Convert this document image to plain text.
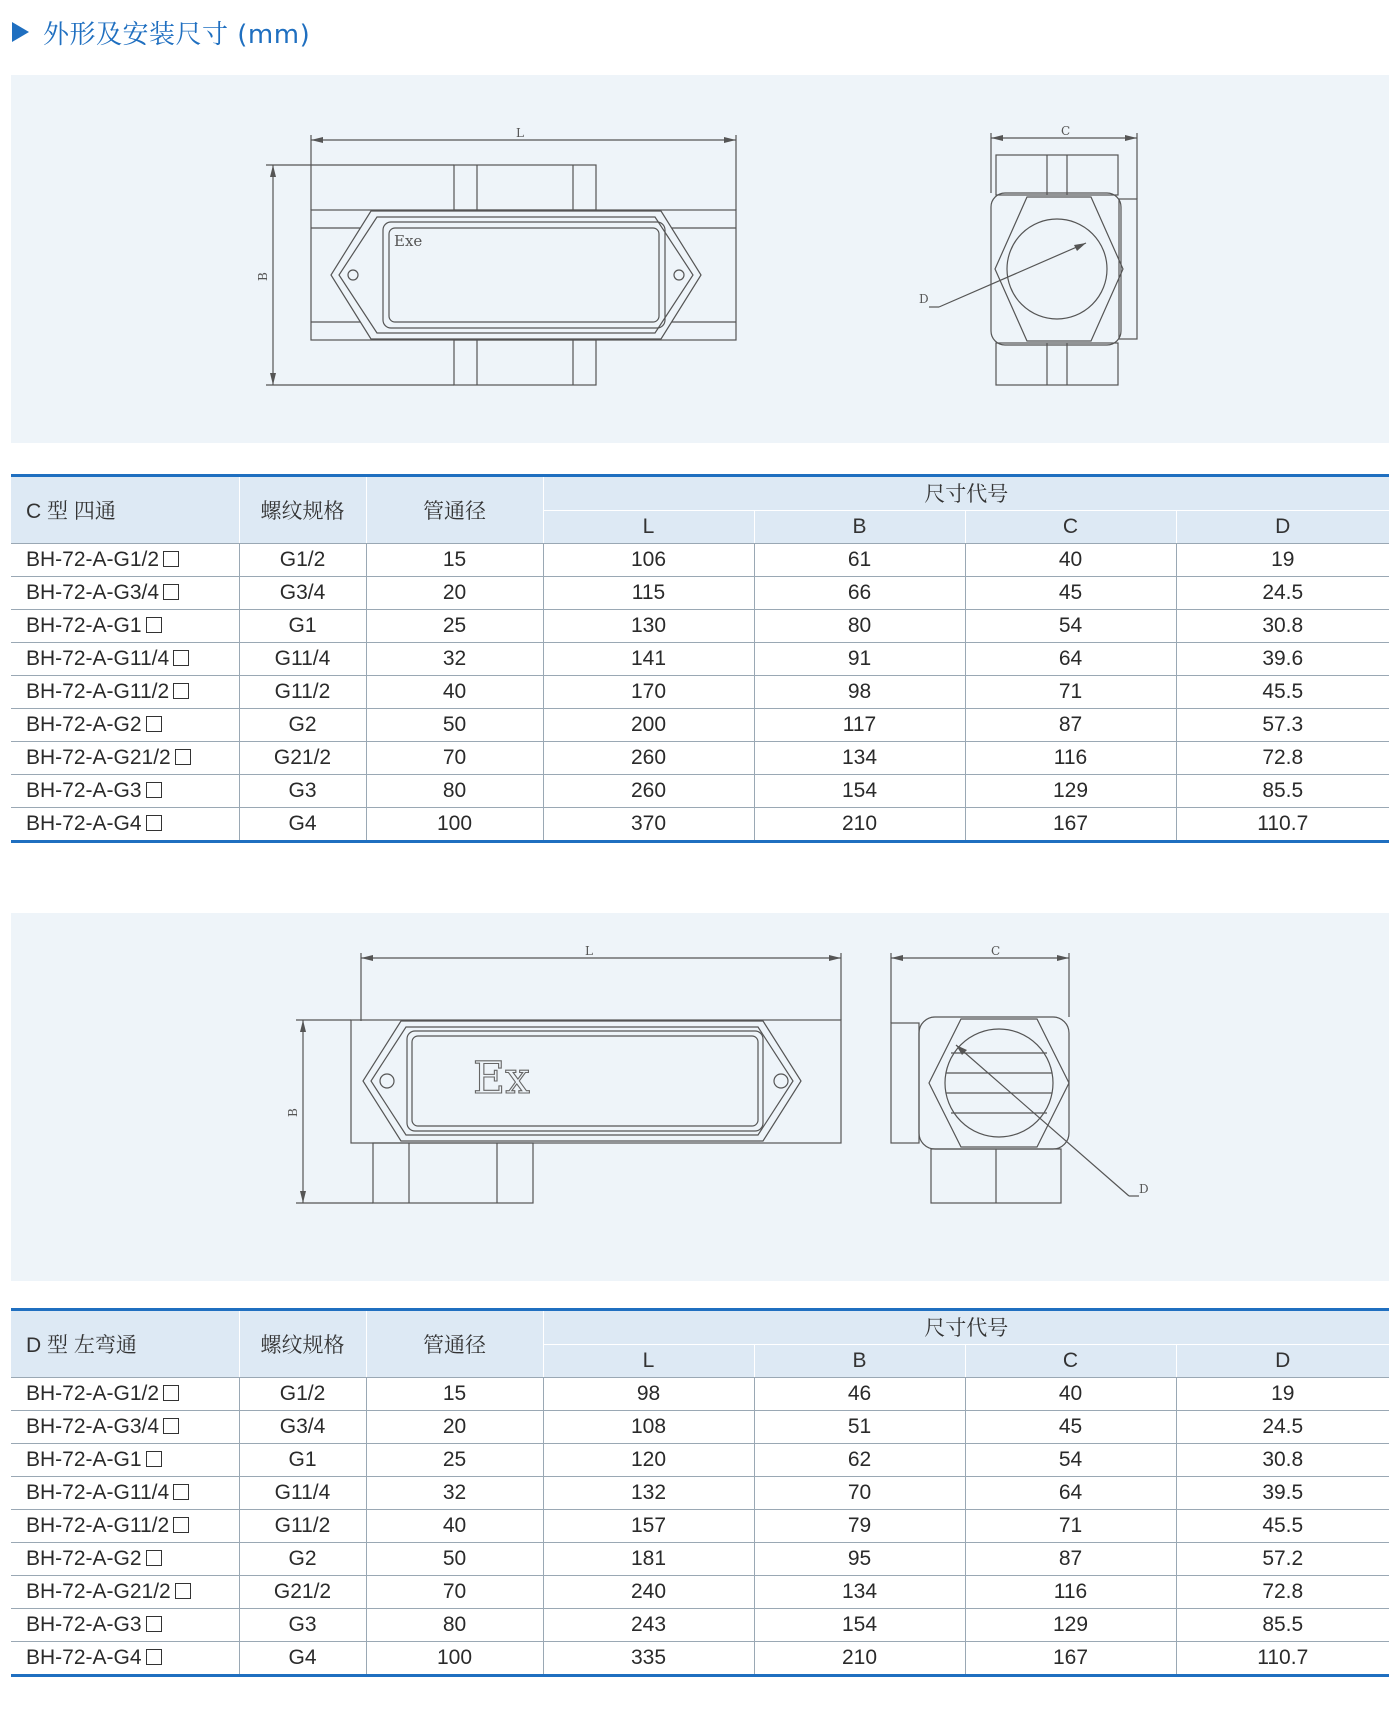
外形及安装尺寸 (mm)
Exe
L
B
D
C
C 型 四通	螺纹规格	管通径	尺寸代号			
			L	B	C	D
BH-72-A-G1/2	G1/2	15	106	61	40	19
BH-72-A-G3/4	G3/4	20	115	66	45	24.5
BH-72-A-G1	G1	25	130	80	54	30.8
BH-72-A-G11/4	G11/4	32	141	91	64	39.6
BH-72-A-G11/2	G11/2	40	170	98	71	45.5
BH-72-A-G2	G2	50	200	117	87	57.3
BH-72-A-G21/2	G21/2	70	260	134	116	72.8
BH-72-A-G3	G3	80	260	154	129	85.5
BH-72-A-G4	G4	100	370	210	167	110.7
Ex
L
B
D
C
D 型 左弯通	螺纹规格	管通径	尺寸代号			
			L	B	C	D
BH-72-A-G1/2	G1/2	15	98	46	40	19
BH-72-A-G3/4	G3/4	20	108	51	45	24.5
BH-72-A-G1	G1	25	120	62	54	30.8
BH-72-A-G11/4	G11/4	32	132	70	64	39.5
BH-72-A-G11/2	G11/2	40	157	79	71	45.5
BH-72-A-G2	G2	50	181	95	87	57.2
BH-72-A-G21/2	G21/2	70	240	134	116	72.8
BH-72-A-G3	G3	80	243	154	129	85.5
BH-72-A-G4	G4	100	335	210	167	110.7
